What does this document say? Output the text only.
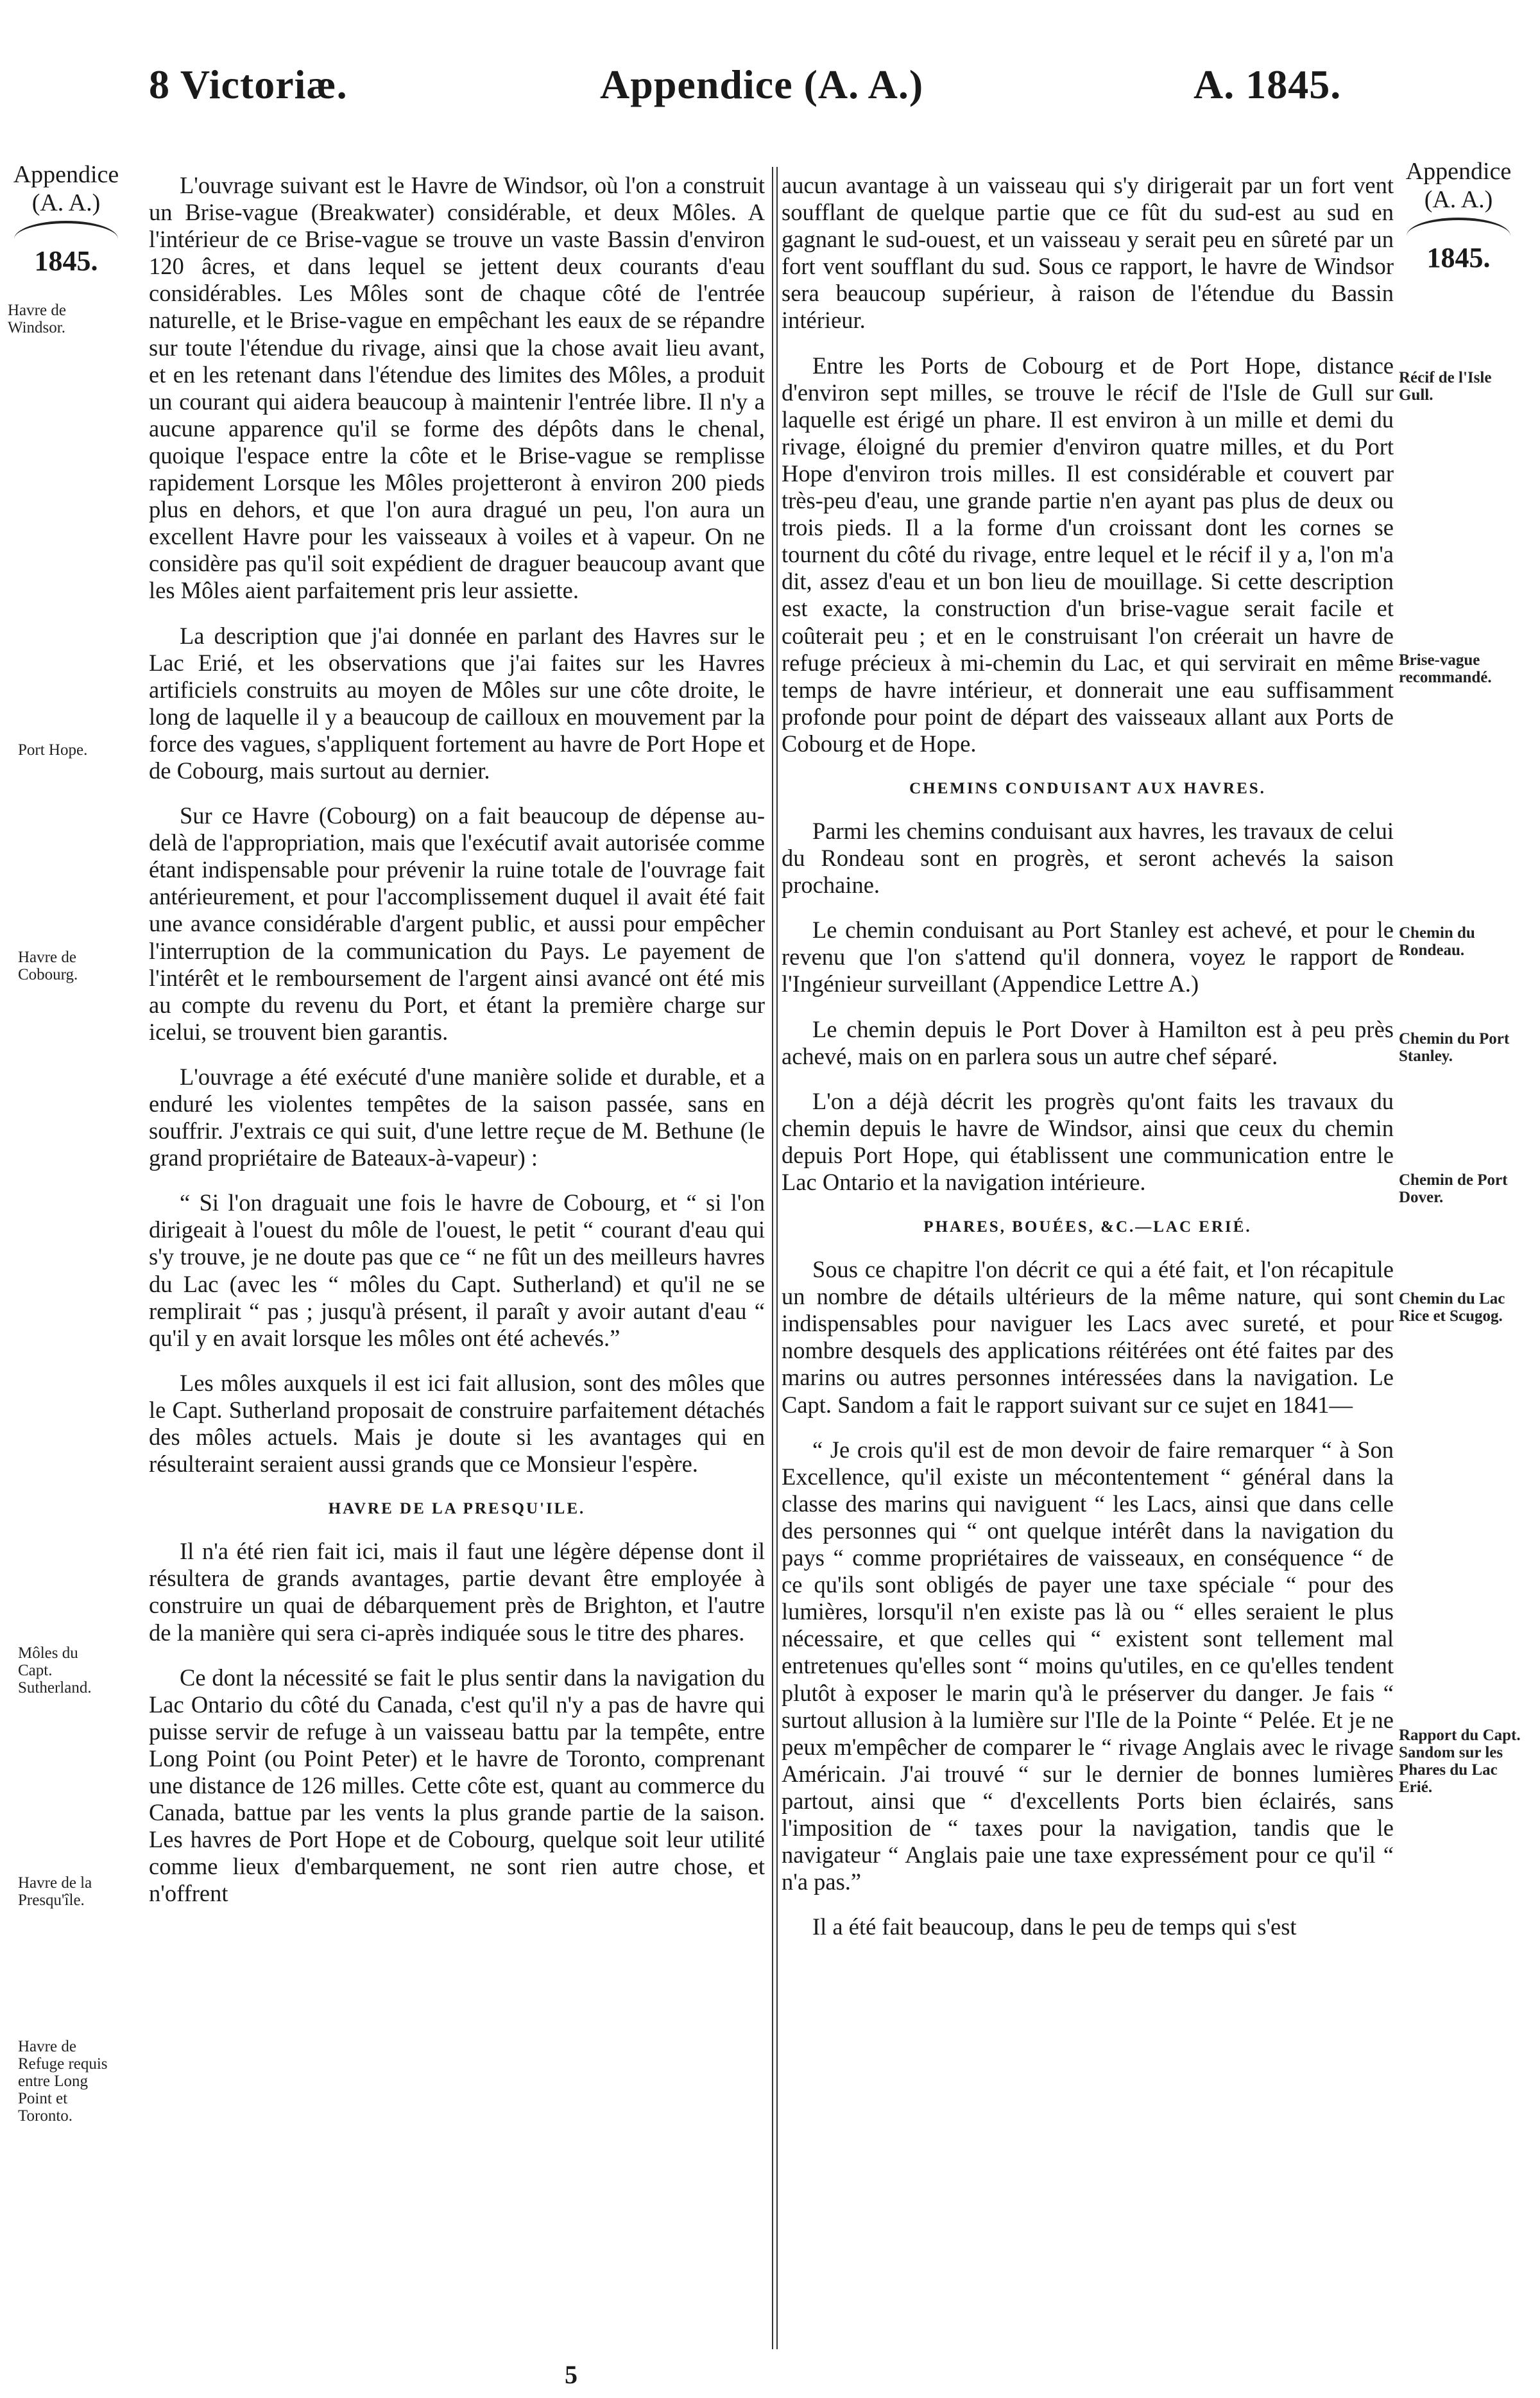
8 Victoriæ.	Appendice (A. A.)	A. 1845.
Appendice
(A. A.)
1845.
Appendice
(A. A.)
1845.
Havre de Windsor.
Port Hope.
Havre de Cobourg.
Môles du Capt. Sutherland.
Havre de la Presqu'île.
Havre de Refuge requis entre Long Point et Toronto.
Récif de l'Isle Gull.
Brise-vague recommandé.
Chemin du Rondeau.
Chemin du Port Stanley.
Chemin de Port Dover.
Chemin du Lac Rice et Scugog.
Rapport du Capt. Sandom sur les Phares du Lac Erié.

L'ouvrage suivant est le Havre de Windsor, où l'on a construit un Brise-vague (Breakwater) considérable, et deux Môles. A l'intérieur de ce Brise-vague se trouve un vaste Bassin d'environ 120 âcres, et dans lequel se jettent deux courants d'eau considérables. Les Môles sont de chaque côté de l'entrée naturelle, et le Brise-vague en empêchant les eaux de se répandre sur toute l'étendue du rivage, ainsi que la chose avait lieu avant, et en les retenant dans l'étendue des limites des Môles, a produit un courant qui aidera beaucoup à maintenir l'entrée libre. Il n'y a aucune apparence qu'il se forme des dépôts dans le chenal, quoique l'espace entre la côte et le Brise-vague se remplisse rapidement Lorsque les Môles projetteront à environ 200 pieds plus en dehors, et que l'on aura dragué un peu, l'on aura un excellent Havre pour les vaisseaux à voiles et à vapeur. On ne considère pas qu'il soit expédient de draguer beaucoup avant que les Môles aient parfaitement pris leur assiette.

La description que j'ai donnée en parlant des Havres sur le Lac Erié, et les observations que j'ai faites sur les Havres artificiels construits au moyen de Môles sur une côte droite, le long de laquelle il y a beaucoup de cailloux en mouvement par la force des vagues, s'appliquent fortement au havre de Port Hope et de Cobourg, mais surtout au dernier.

Sur ce Havre (Cobourg) on a fait beaucoup de dépense au-delà de l'appropriation, mais que l'exécutif avait autorisée comme étant indispensable pour prévenir la ruine totale de l'ouvrage fait antérieurement, et pour l'accomplissement duquel il avait été fait une avance considérable d'argent public, et aussi pour empêcher l'interruption de la communication du Pays. Le payement de l'intérêt et le remboursement de l'argent ainsi avancé ont été mis au compte du revenu du Port, et étant la première charge sur icelui, se trouvent bien garantis.

L'ouvrage a été exécuté d'une manière solide et durable, et a enduré les violentes tempêtes de la saison passée, sans en souffrir. J'extrais ce qui suit, d'une lettre reçue de M. Bethune (le grand propriétaire de Bateaux-à-vapeur) :

“ Si l'on draguait une fois le havre de Cobourg, et “ si l'on dirigeait à l'ouest du môle de l'ouest, le petit “ courant d'eau qui s'y trouve, je ne doute pas que ce “ ne fût un des meilleurs havres du Lac (avec les “ môles du Capt. Sutherland) et qu'il ne se remplirait “ pas ; jusqu'à présent, il paraît y avoir autant d'eau “ qu'il y en avait lorsque les môles ont été achevés.”

Les môles auxquels il est ici fait allusion, sont des môles que le Capt. Sutherland proposait de construire parfaitement détachés des môles actuels. Mais je doute si les avantages qui en résulteraint seraient aussi grands que ce Monsieur l'espère.

HAVRE DE LA PRESQU'ILE.

Il n'a été rien fait ici, mais il faut une légère dépense dont il résultera de grands avantages, partie devant être employée à construire un quai de débarquement près de Brighton, et l'autre de la manière qui sera ci-après indiquée sous le titre des phares.

Ce dont la nécessité se fait le plus sentir dans la navigation du Lac Ontario du côté du Canada, c'est qu'il n'y a pas de havre qui puisse servir de refuge à un vaisseau battu par la tempête, entre Long Point (ou Point Peter) et le havre de Toronto, comprenant une distance de 126 milles. Cette côte est, quant au commerce du Canada, battue par les vents la plus grande partie de la saison. Les havres de Port Hope et de Cobourg, quelque soit leur utilité comme lieux d'embarquement, ne sont rien autre chose, et n'offrent

aucun avantage à un vaisseau qui s'y dirigerait par un fort vent soufflant de quelque partie que ce fût du sud-est au sud en gagnant le sud-ouest, et un vaisseau y serait peu en sûreté par un fort vent soufflant du sud. Sous ce rapport, le havre de Windsor sera beaucoup supérieur, à raison de l'étendue du Bassin intérieur.

Entre les Ports de Cobourg et de Port Hope, distance d'environ sept milles, se trouve le récif de l'Isle de Gull sur laquelle est érigé un phare. Il est environ à un mille et demi du rivage, éloigné du premier d'environ quatre milles, et du Port Hope d'environ trois milles. Il est considérable et couvert par très-peu d'eau, une grande partie n'en ayant pas plus de deux ou trois pieds. Il a la forme d'un croissant dont les cornes se tournent du côté du rivage, entre lequel et le récif il y a, l'on m'a dit, assez d'eau et un bon lieu de mouillage. Si cette description est exacte, la construction d'un brise-vague serait facile et coûterait peu ; et en le construisant l'on créerait un havre de refuge précieux à mi-chemin du Lac, et qui servirait en même temps de havre intérieur, et donnerait une eau suffisamment profonde pour point de départ des vaisseaux allant aux Ports de Cobourg et de Hope.

CHEMINS CONDUISANT AUX HAVRES.

Parmi les chemins conduisant aux havres, les travaux de celui du Rondeau sont en progrès, et seront achevés la saison prochaine.

Le chemin conduisant au Port Stanley est achevé, et pour le revenu que l'on s'attend qu'il donnera, voyez le rapport de l'Ingénieur surveillant (Appendice Lettre A.)

Le chemin depuis le Port Dover à Hamilton est à peu près achevé, mais on en parlera sous un autre chef séparé.

L'on a déjà décrit les progrès qu'ont faits les travaux du chemin depuis le havre de Windsor, ainsi que ceux du chemin depuis Port Hope, qui établissent une communication entre le Lac Ontario et la navigation intérieure.

PHARES, BOUÉES, &C.—LAC ERIÉ.

Sous ce chapitre l'on décrit ce qui a été fait, et l'on récapitule un nombre de détails ultérieurs de la même nature, qui sont indispensables pour naviguer les Lacs avec sureté, et pour nombre desquels des applications réitérées ont été faites par des marins ou autres personnes intéressées dans la navigation. Le Capt. Sandom a fait le rapport suivant sur ce sujet en 1841—

“ Je crois qu'il est de mon devoir de faire remarquer “ à Son Excellence, qu'il existe un mécontentement “ général dans la classe des marins qui naviguent “ les Lacs, ainsi que dans celle des personnes qui “ ont quelque intérêt dans la navigation du pays “ comme propriétaires de vaisseaux, en conséquence “ de ce qu'ils sont obligés de payer une taxe spéciale “ pour des lumières, lorsqu'il n'en existe pas là ou “ elles seraient le plus nécessaire, et que celles qui “ existent sont tellement mal entretenues qu'elles sont “ moins qu'utiles, en ce qu'elles tendent plutôt à exposer le marin qu'à le préserver du danger. Je fais “ surtout allusion à la lumière sur l'Ile de la Pointe “ Pelée. Et je ne peux m'empêcher de comparer le “ rivage Anglais avec le rivage Américain. J'ai trouvé “ sur le dernier de bonnes lumières partout, ainsi que “ d'excellents Ports bien éclairés, sans l'imposition de “ taxes pour la navigation, tandis que le navigateur “ Anglais paie une taxe expressément pour ce qu'il “ n'a pas.”

Il a été fait beaucoup, dans le peu de temps qui s'est

5
